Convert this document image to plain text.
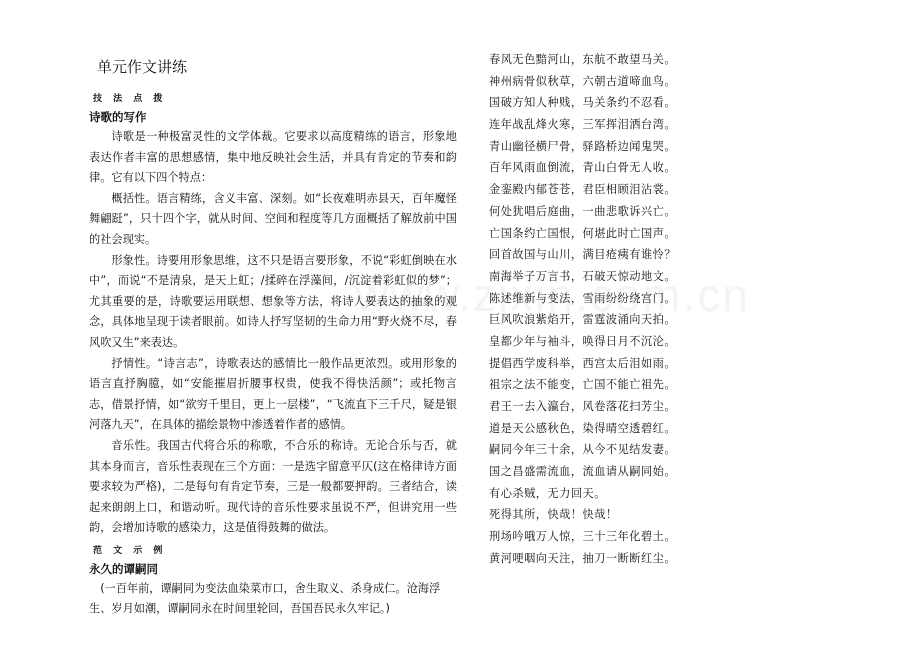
单元作文讲练
技 法 点 拨
诗歌的写作

诗歌是一种极富灵性的文学体裁。它要求以高度精练的语言，形象地表达作者丰富的思想感情，集中地反映社会生活，并具有肯定的节奏和韵律。它有以下四个特点：

概括性。语言精练，含义丰富、深刻。如“长夜难明赤县天，百年魔怪舞翩跹”，只十四个字，就从时间、空间和程度等几方面概括了解放前中国的社会现实。

形象性。诗要用形象思维，这不只是语言要形象，不说“彩虹倒映在水中”，而说“不是清泉，是天上虹；/揉碎在浮藻间，/沉淀着彩虹似的梦”；尤其重要的是，诗歌要运用联想、想象等方法，将诗人要表达的抽象的观念，具体地呈现于读者眼前。如诗人抒写坚韧的生命力用“野火烧不尽，春风吹又生”来表达。

抒情性。“诗言志”，诗歌表达的感情比一般作品更浓烈。或用形象的语言直抒胸臆，如“安能摧眉折腰事权贵，使我不得快活颜”；或托物言志，借景抒情，如“欲穷千里目，更上一层楼”，“飞流直下三千尺，疑是银河落九天”，在具体的描绘景物中渗透着作者的感情。

音乐性。我国古代将合乐的称歌，不合乐的称诗。无论合乐与否，就其本身而言，音乐性表现在三个方面：一是选字留意平仄(这在格律诗方面要求较为严格)，二是每句有肯定节奏，三是一般都要押韵。三者结合，读起来朗朗上口，和谐动听。现代诗的音乐性要求虽说不严，但讲究用一些韵，会增加诗歌的感染力，这是值得鼓舞的做法。

范 文 示 例
永久的谭嗣同

(一百年前，谭嗣同为变法血染菜市口，舍生取义、杀身成仁。沧海浮生、岁月如潮，谭嗣同永在时间里轮回，吾国吾民永久牢记。)

春风无色黯河山，东航不敢望马关。
神州病骨似秋草，六朝古道啼血鸟。
国破方知人种贱，马关条约不忍看。
连年战乱烽火寒，三军挥泪洒台湾。
青山幽径横尸骨，驿路桥边闻鬼哭。
百年风雨血倒流，青山白骨无人收。
金銮殿内郁苍苍，君臣相顾泪沾裳。
何处犹唱后庭曲，一曲悲歌诉兴亡。
亡国条约亡国恨，何堪此时亡国声。
回首故国与山川，满目疮痍有谁怜？
南海举子万言书，石破天惊动地文。
陈述维新与变法，雪雨纷纷绕宫门。
巨风吹浪紫焰开，雷霆波涌向天拍。
皇都少年与袖斗，唤得日月不沉沦。
提倡西学废科举，西宫太后泪如雨。
祖宗之法不能变，亡国不能亡祖先。
君王一去入瀛台，风卷落花扫芳尘。
道是天公感秋色，染得晴空透碧红。
嗣同今年三十余，从今不见结发妻。
国之昌盛需流血，流血请从嗣同始。
有心杀贼，无力回天。
死得其所，快哉！快哉！
刑场吟哦万人惊，三十三年化碧土。
黄河哽咽向天注，抽刀一断断红尘。
